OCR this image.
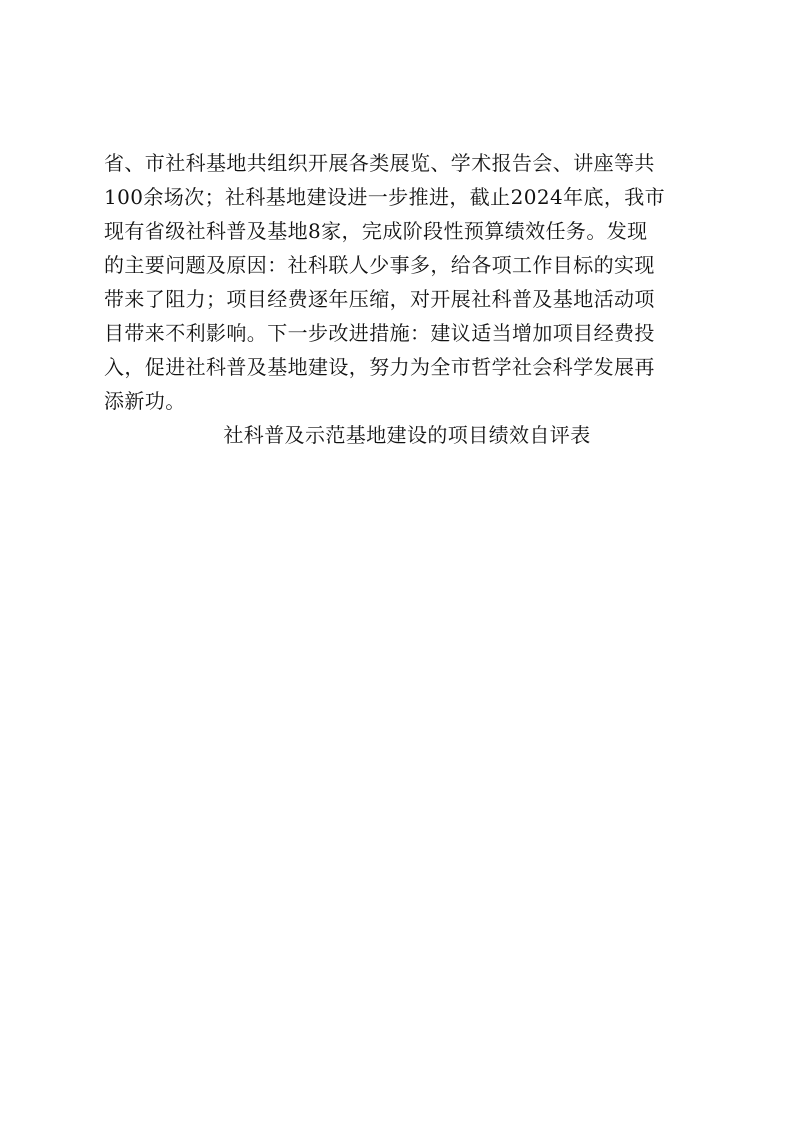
省、市社科基地共组织开展各类展览、学术报告会、讲座等共
100余场次；社科基地建设进一步推进，截止2024年底，我市
现有省级社科普及基地8家，完成阶段性预算绩效任务。发现
的主要问题及原因：社科联人少事多，给各项工作目标的实现
带来了阻力；项目经费逐年压缩，对开展社科普及基地活动项
目带来不利影响。下一步改进措施：建议适当增加项目经费投
入，促进社科普及基地建设，努力为全市哲学社会科学发展再
添新功。
社科普及示范基地建设的项目绩效自评表
